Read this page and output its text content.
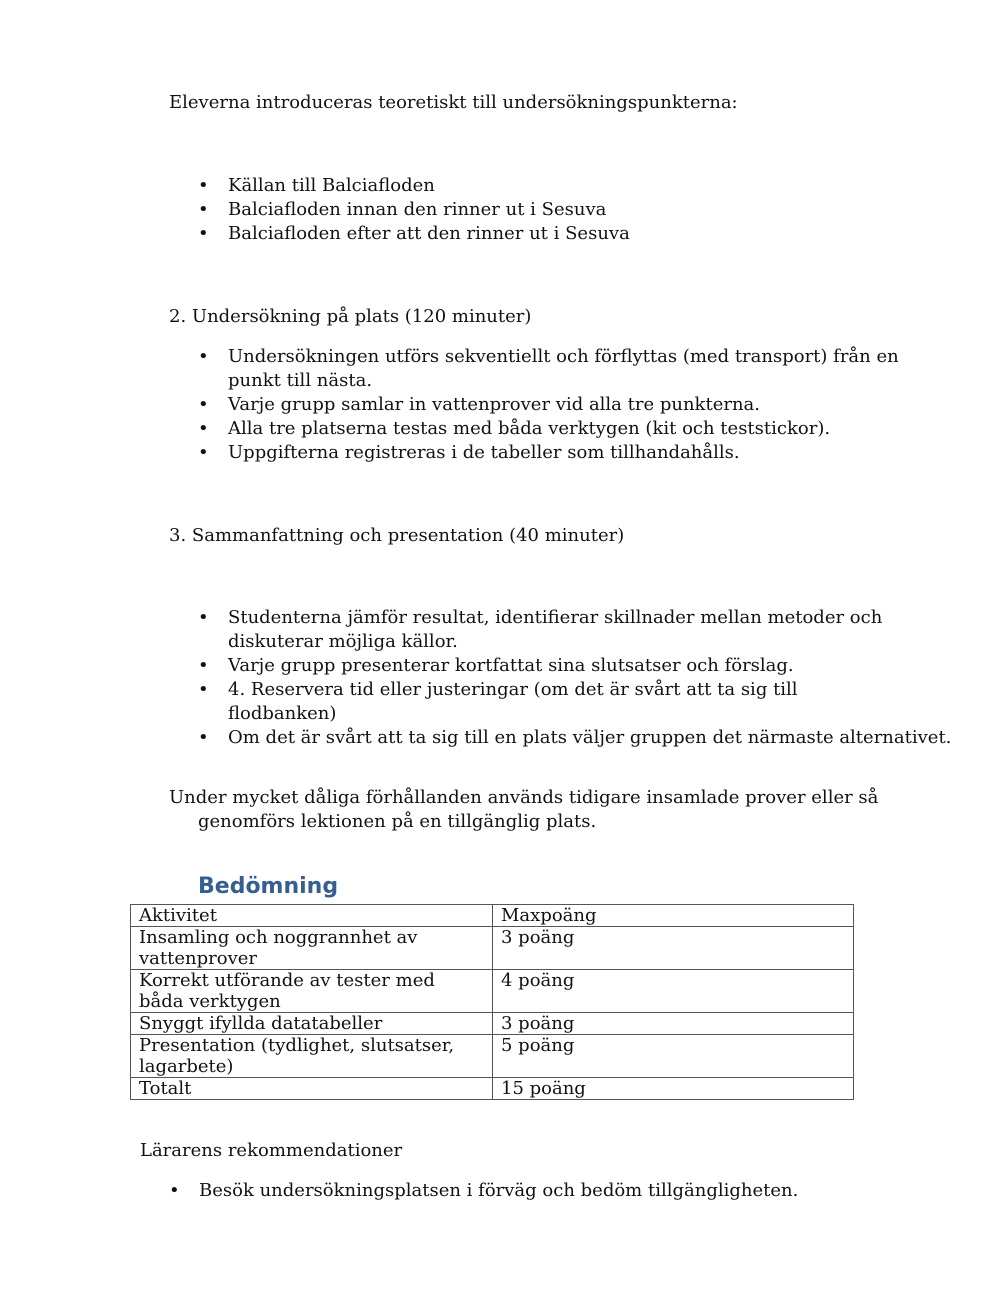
Eleverna introduceras teoretiskt till undersökningspunkterna:
• Källan till Balciafloden
• Balciafloden innan den rinner ut i Sesuva
• Balciafloden efter att den rinner ut i Sesuva
2. Undersökning på plats (120 minuter)
• Undersökningen utförs sekventiellt och förflyttas (med transport) från en punkt till nästa.
• Varje grupp samlar in vattenprover vid alla tre punkterna.
• Alla tre platserna testas med båda verktygen (kit och teststickor).
• Uppgifterna registreras i de tabeller som tillhandahålls.
3. Sammanfattning och presentation (40 minuter)
• Studenterna jämför resultat, identifierar skillnader mellan metoder och diskuterar möjliga källor.
• Varje grupp presenterar kortfattat sina slutsatser och förslag.
• 4. Reservera tid eller justeringar (om det är svårt att ta sig till flodbanken)
• Om det är svårt att ta sig till en plats väljer gruppen det närmaste alternativet.
Under mycket dåliga förhållanden används tidigare insamlade prover eller så genomförs lektionen på en tillgänglig plats.
Bedömning
Aktivitet	Maxpoäng
Insamling och noggrannhet av vattenprover	3 poäng
Korrekt utförande av tester med båda verktygen	4 poäng
Snyggt ifyllda datatabeller	3 poäng
Presentation (tydlighet, slutsatser, lagarbete)	5 poäng
Totalt	15 poäng
Lärarens rekommendationer
• Besök undersökningsplatsen i förväg och bedöm tillgängligheten.
